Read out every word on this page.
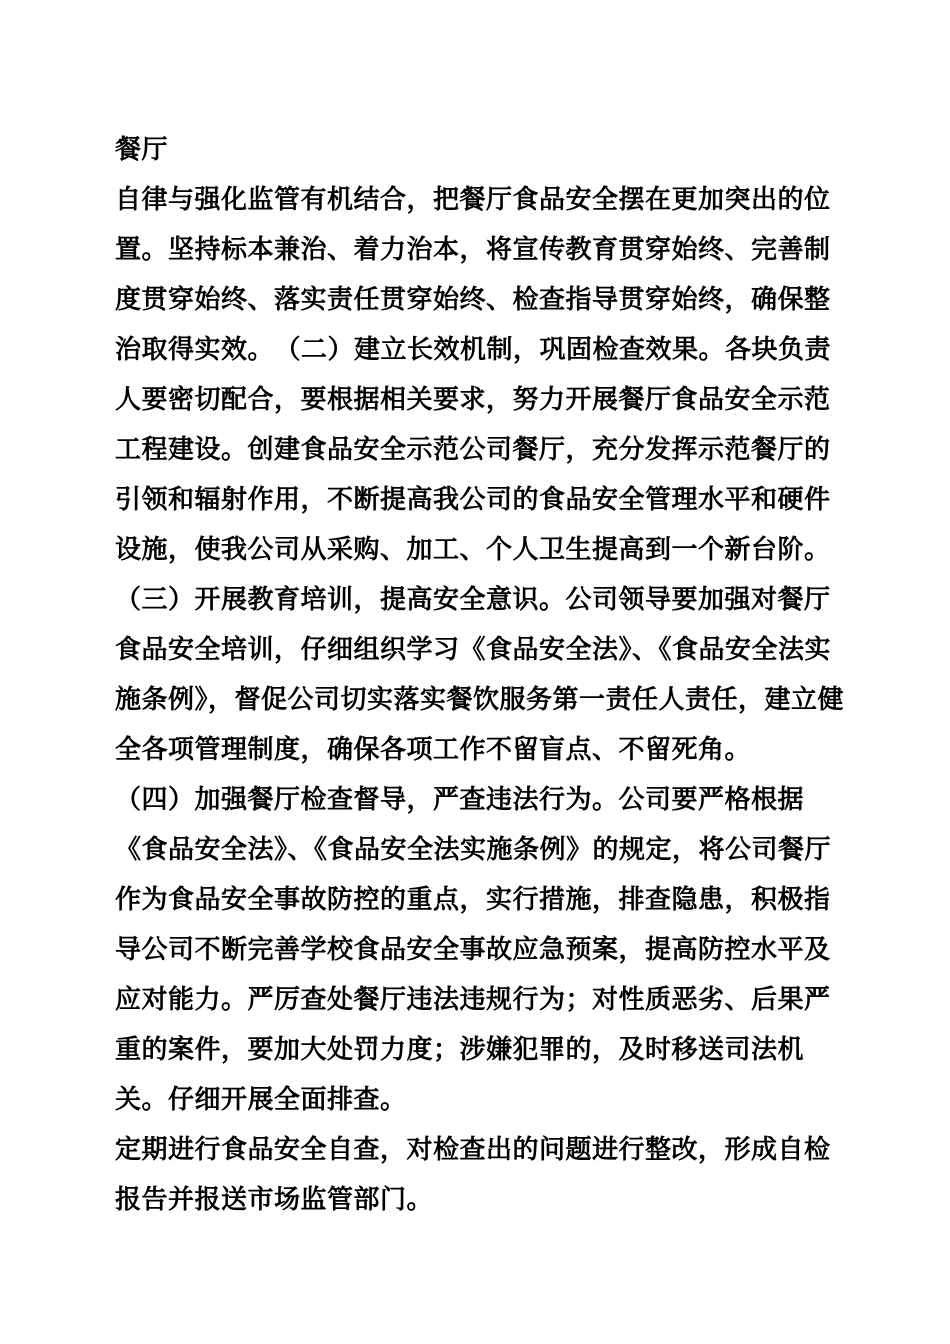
餐厅

自律与强化监管有机结合，把餐厅食品安全摆在更加突出的位置。坚持标本兼治、着力治本，将宣传教育贯穿始终、完善制度贯穿始终、落实责任贯穿始终、检查指导贯穿始终，确保整治取得实效。　（二）建立长效机制，巩固检查效果。各块负责人要密切配合，要根据相关要求，努力开展餐厅食品安全示范工程建设。创建食品安全示范公司餐厅，充分发挥示范餐厅的引领和辐射作用，不断提高我公司的食品安全管理水平和硬件设施，使我公司从采购、加工、个人卫生提高到一个新台阶。

（三）开展教育培训，提高安全意识。公司领导要加强对餐厅食品安全培训，仔细组织学习《食品安全法》、《食品安全法实施条例》，督促公司切实落实餐饮服务第一责任人责任，建立健全各项管理制度，确保各项工作不留盲点、不留死角。

（四）加强餐厅检查督导，严查违法行为。公司要严格根据《食品安全法》、《食品安全法实施条例》的规定，将公司餐厅作为食品安全事故防控的重点，实行措施，排查隐患，积极指导公司不断完善学校食品安全事故应急预案，提高防控水平及应对能力。严厉查处餐厅违法违规行为；对性质恶劣、后果严重的案件，要加大处罚力度；涉嫌犯罪的，及时移送司法机关。仔细开展全面排查。

定期进行食品安全自查，对检查出的问题进行整改，形成自检报告并报送市场监管部门。
